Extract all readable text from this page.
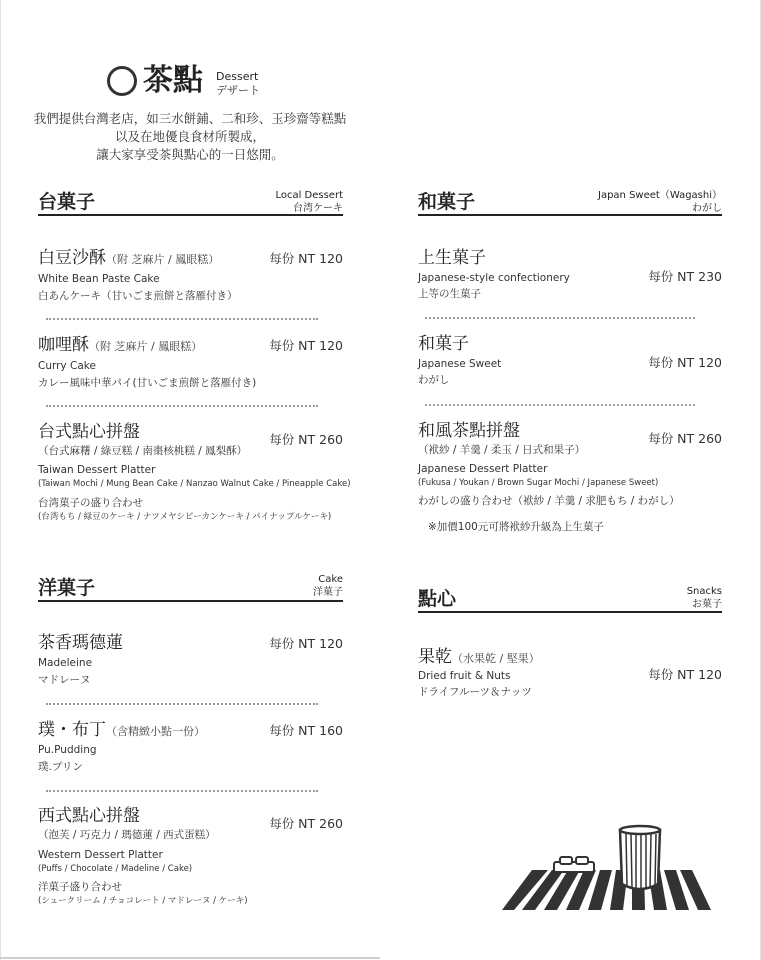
茶點 Dessert
デザート
我們提供台灣老店，如三水餅鋪、二和珍、玉珍齋等糕點
以及在地優良食材所製成，
讓大家享受茶與點心的一日悠閒。
台菓子	Local Dessert
台湾ケーキ
白豆沙酥（附 芝麻片 / 鳳眼糕）	每份 NT 120
White Bean Paste Cake
白あんケーキ（甘いごま煎餅と落雁付き）
咖哩酥（附 芝麻片 / 鳳眼糕）	每份 NT 120
Curry Cake
カレー風味中華パイ(甘いごま煎餅と落雁付き)
台式點心拼盤	每份 NT 260
（台式麻糬 / 綠豆糕 / 南棗核桃糕 / 鳳梨酥）
Taiwan Dessert Platter
(Taiwan Mochi / Mung Bean Cake / Nanzao Walnut Cake / Pineapple Cake)
台湾菓子の盛り合わせ
(台湾もち / 緑豆のケーキ / ナツメヤシピーカンケーキ / パイナップルケーキ)
和菓子	Japan Sweet（Wagashi）
わがし
上生菓子
每份 NT 230
Japanese-style confectionery
上等の生菓子
和菓子
每份 NT 120
Japanese Sweet
わがし
和風茶點拼盤	每份 NT 260
（袱紗 / 羊羹 / 柔玉 / 日式和果子）
Japanese Dessert Platter
(Fukusa / Youkan / Brown Sugar Mochi / Japanese Sweet)
わがしの盛り合わせ（袱紗 / 羊羹 / 求肥もち / わがし）
※加價100元可將袱紗升級為上生菓子
洋菓子	Cake
洋菓子
茶香瑪德蓮	每份 NT 120
Madeleine
マドレーヌ
璞・布丁（含精緻小點一份）	每份 NT 160
Pu.Pudding
璞.プリン
西式點心拼盤	每份 NT 260
（泡芙 / 巧克力 / 瑪德蓮 / 西式蛋糕）
Western Dessert Platter
(Puffs / Chocolate / Madeline / Cake)
洋菓子盛り合わせ
(シュークリーム / チョコレート / マドレーヌ / ケーキ)
點心	Snacks
お菓子
果乾（水果乾 / 堅果）
每份 NT 120
Dried fruit & Nuts
ドライフルーツ＆ナッツ
